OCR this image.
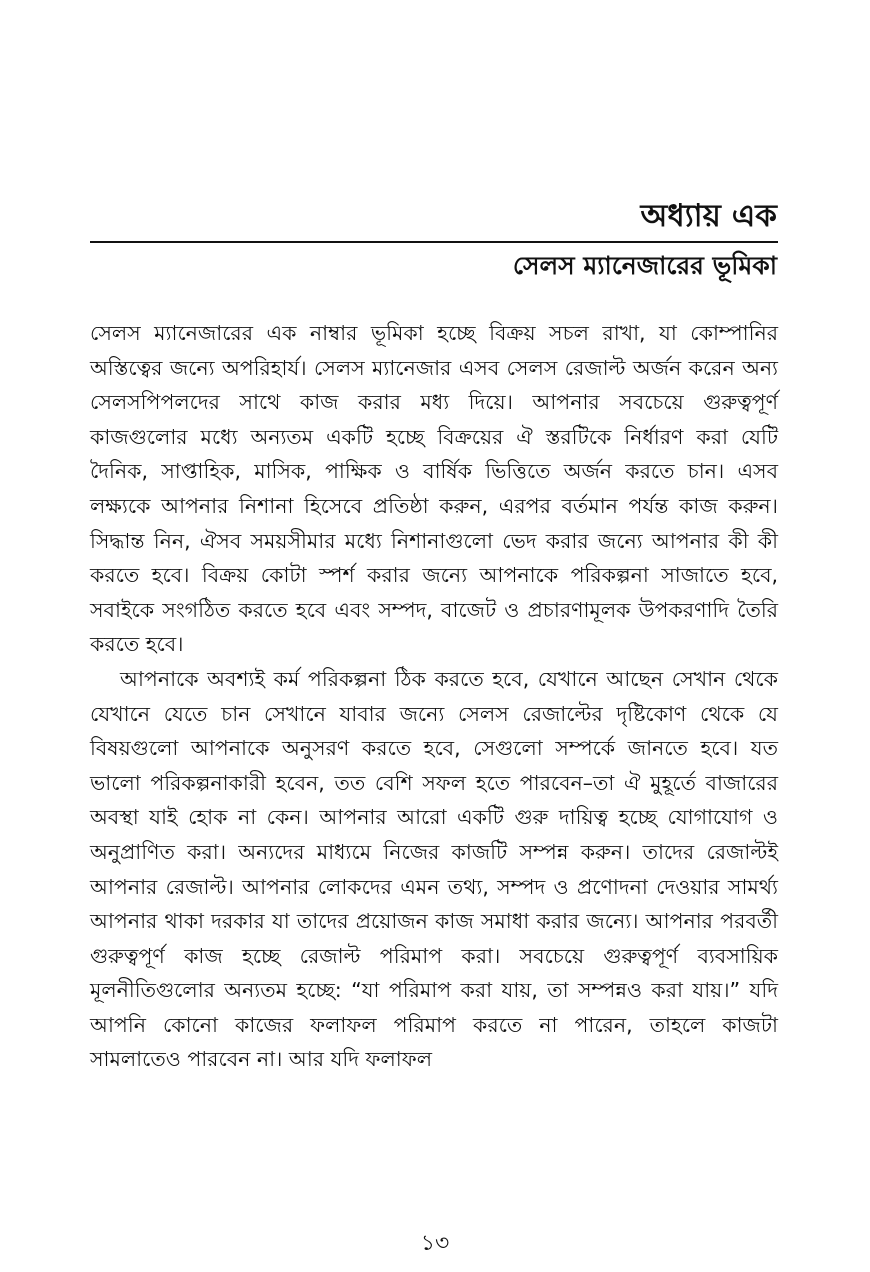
অধ্যায় এক
সেলস ম্যানেজারের ভূমিকা

সেলস ম্যানেজারের এক নাম্বার ভূমিকা হচ্ছে বিক্রয় সচল রাখা, যা কোম্পানির অস্তিত্বের জন্যে অপরিহার্য। সেলস ম্যানেজার এসব সেলস রেজাল্ট অর্জন করেন অন্য সেলসপিপলদের সাথে কাজ করার মধ্য দিয়ে। আপনার সবচেয়ে গুরুত্বপূর্ণ কাজগুলোর মধ্যে অন্যতম একটি হচ্ছে বিক্রয়ের ঐ স্তরটিকে নির্ধারণ করা যেটি দৈনিক, সাপ্তাহিক, মাসিক, পাক্ষিক ও বার্ষিক ভিত্তিতে অর্জন করতে চান। এসব লক্ষ্যকে আপনার নিশানা হিসেবে প্রতিষ্ঠা করুন, এরপর বর্তমান পর্যন্ত কাজ করুন। সিদ্ধান্ত নিন, ঐসব সময়সীমার মধ্যে নিশানাগুলো ভেদ করার জন্যে আপনার কী কী করতে হবে। বিক্রয় কোটা স্পর্শ করার জন্যে আপনাকে পরিকল্পনা সাজাতে হবে, সবাইকে সংগঠিত করতে হবে এবং সম্পদ, বাজেট ও প্রচারণামূলক উপকরণাদি তৈরি করতে হবে।

আপনাকে অবশ্যই কর্ম পরিকল্পনা ঠিক করতে হবে, যেখানে আছেন সেখান থেকে যেখানে যেতে চান সেখানে যাবার জন্যে সেলস রেজাল্টের দৃষ্টিকোণ থেকে যে বিষয়গুলো আপনাকে অনুসরণ করতে হবে, সেগুলো সম্পর্কে জানতে হবে। যত ভালো পরিকল্পনাকারী হবেন, তত বেশি সফল হতে পারবেন–তা ঐ মুহূর্তে বাজারের অবস্থা যাই হোক না কেন। আপনার আরো একটি গুরু দায়িত্ব হচ্ছে যোগাযোগ ও অনুপ্রাণিত করা। অন্যদের মাধ্যমে নিজের কাজটি সম্পন্ন করুন। তাদের রেজাল্টই আপনার রেজাল্ট। আপনার লোকদের এমন তথ্য, সম্পদ ও প্রণোদনা দেওয়ার সামর্থ্য আপনার থাকা দরকার যা তাদের প্রয়োজন কাজ সমাধা করার জন্যে। আপনার পরবর্তী গুরুত্বপূর্ণ কাজ হচ্ছে রেজাল্ট পরিমাপ করা। সবচেয়ে গুরুত্বপূর্ণ ব্যবসায়িক মূলনীতিগুলোর অন্যতম হচ্ছে: “যা পরিমাপ করা যায়, তা সম্পন্নও করা যায়।” যদি আপনি কোনো কাজের ফলাফল পরিমাপ করতে না পারেন, তাহলে কাজটা সামলাতেও পারবেন না। আর যদি ফলাফল

১৩
